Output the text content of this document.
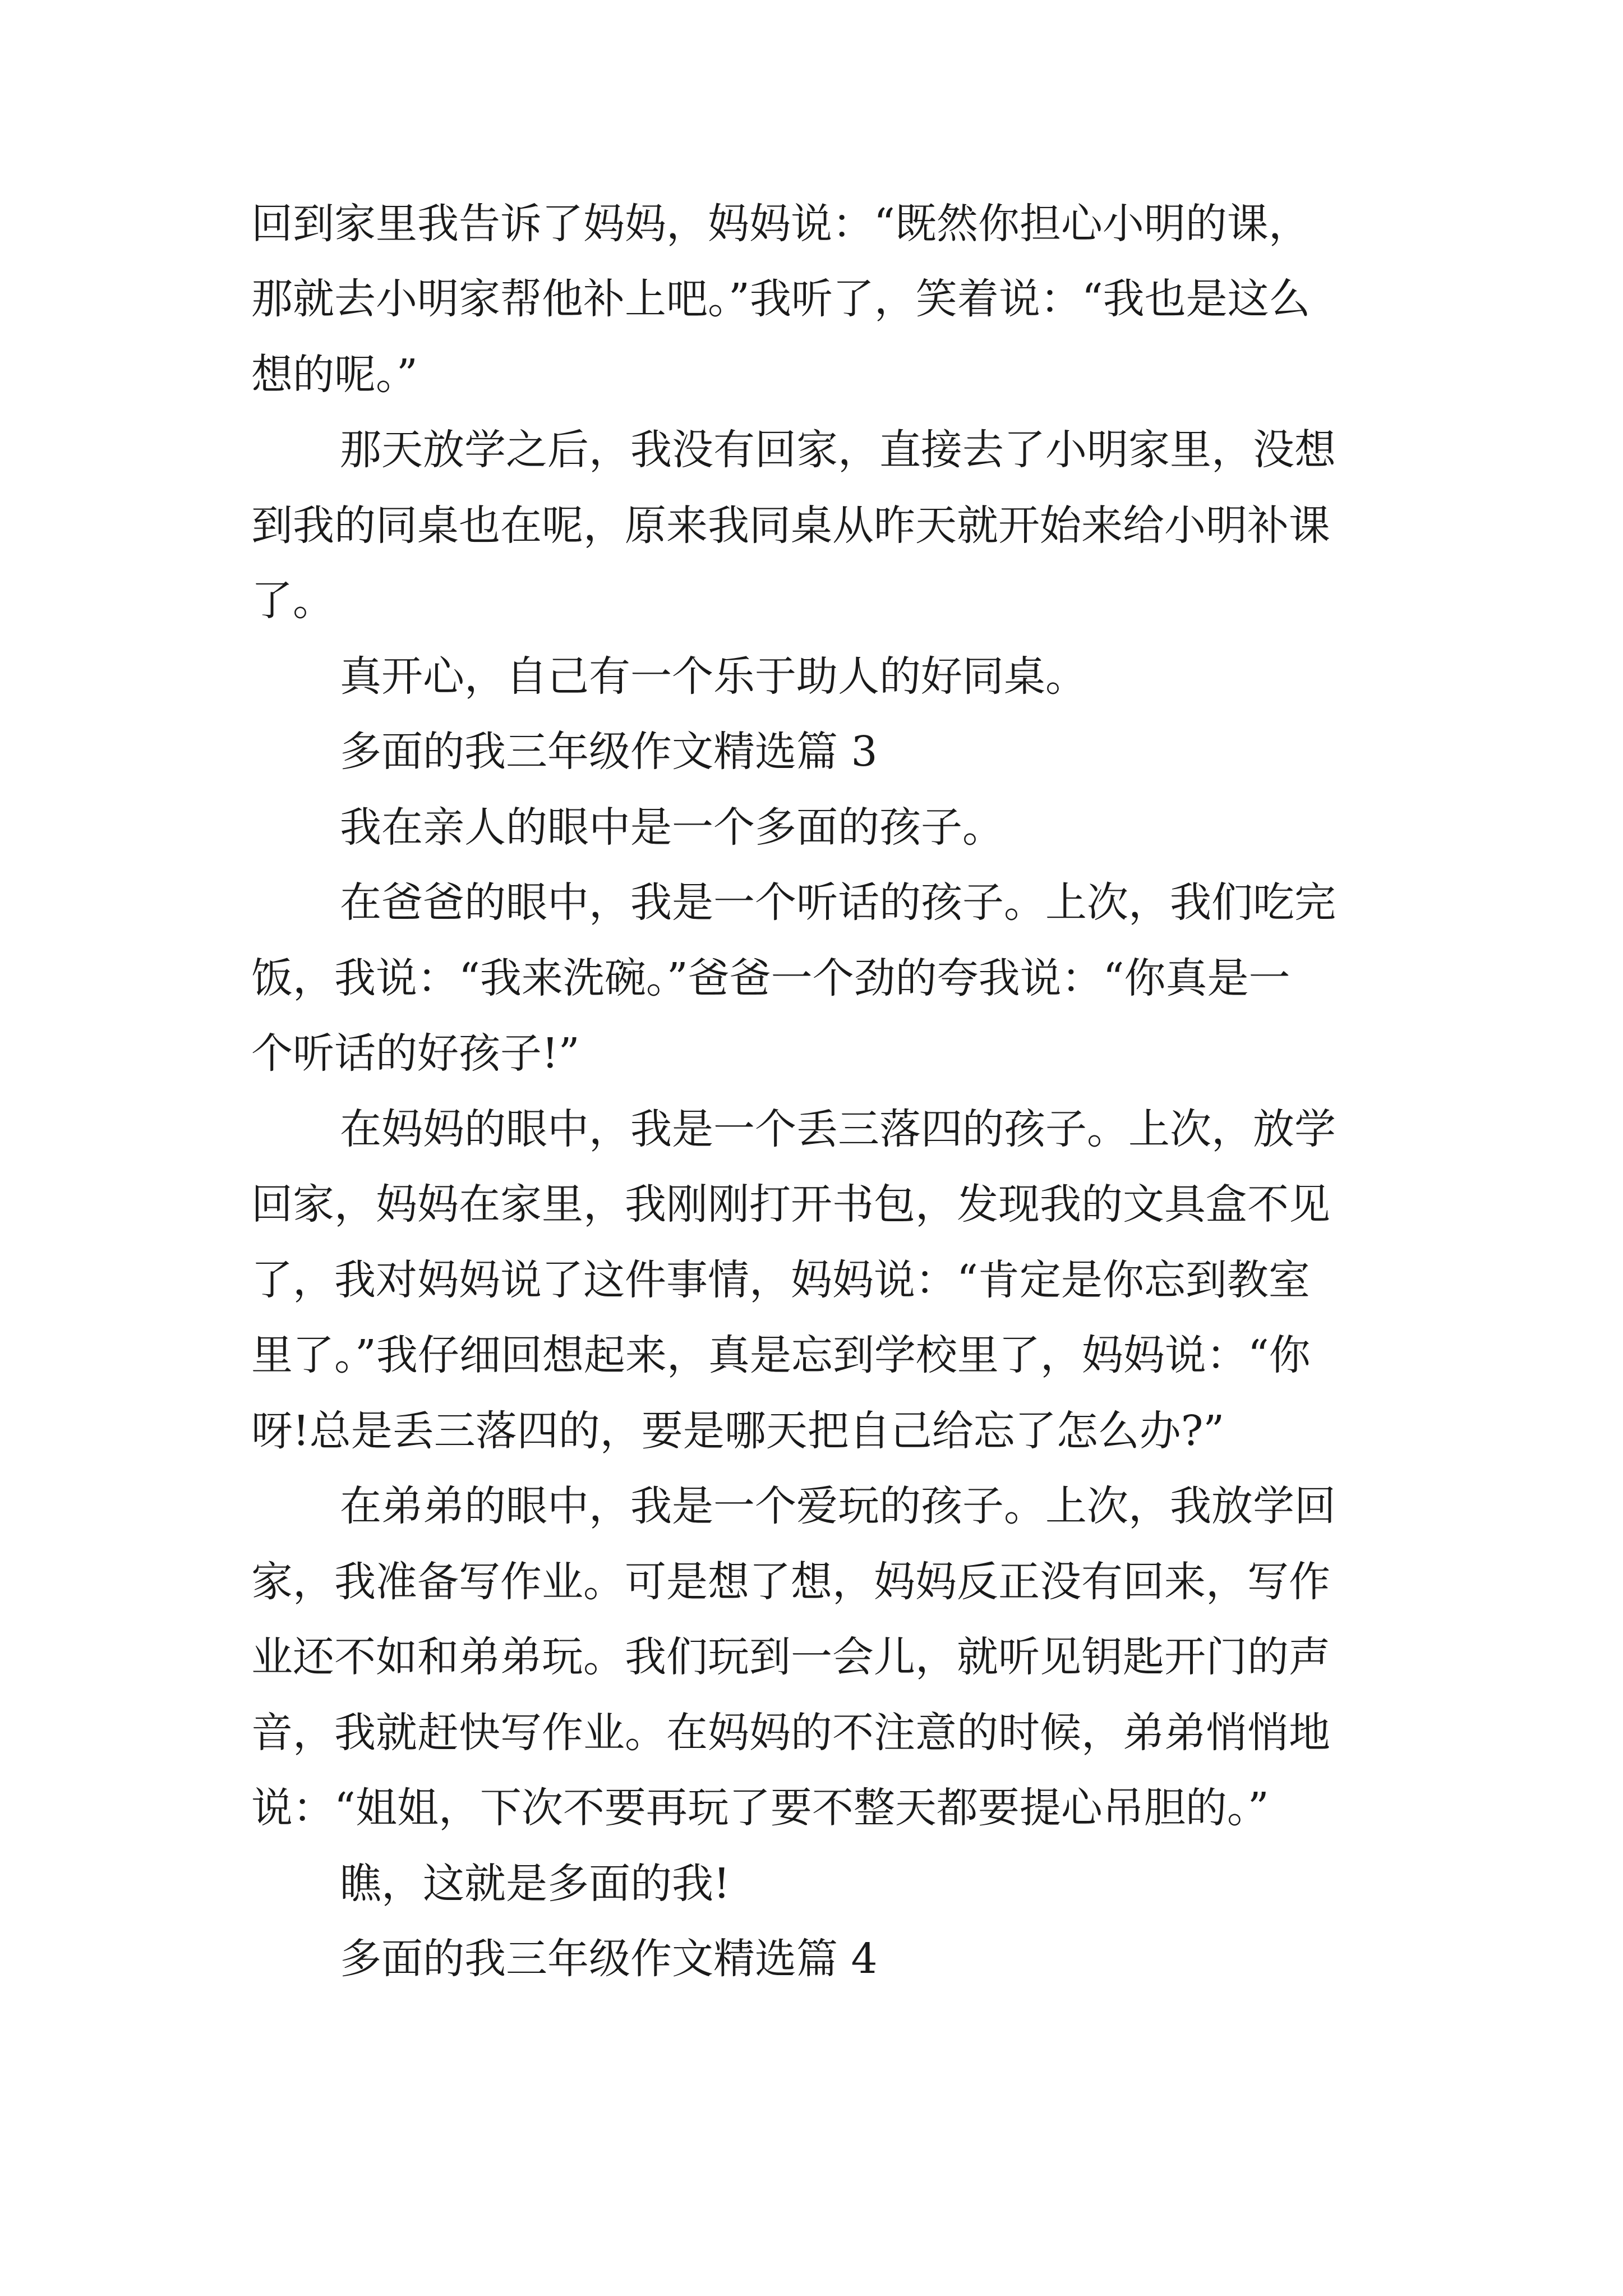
回到家里我告诉了妈妈，妈妈说：“既然你担心小明的课，
那就去小明家帮他补上吧。”我听了，笑着说：“我也是这么
想的呢。”
那天放学之后，我没有回家，直接去了小明家里，没想
到我的同桌也在呢，原来我同桌从昨天就开始来给小明补课
了。
真开心，自己有一个乐于助人的好同桌。
多面的我三年级作文精选篇 3
我在亲人的眼中是一个多面的孩子。
在爸爸的眼中，我是一个听话的孩子。上次，我们吃完
饭，我说：“我来洗碗。”爸爸一个劲的夸我说：“你真是一
个听话的好孩子!”
在妈妈的眼中，我是一个丢三落四的孩子。上次，放学
回家，妈妈在家里，我刚刚打开书包，发现我的文具盒不见
了，我对妈妈说了这件事情，妈妈说：“肯定是你忘到教室
里了。”我仔细回想起来，真是忘到学校里了，妈妈说：“你
呀!总是丢三落四的，要是哪天把自己给忘了怎么办?”
在弟弟的眼中，我是一个爱玩的孩子。上次，我放学回
家，我准备写作业。可是想了想，妈妈反正没有回来，写作
业还不如和弟弟玩。我们玩到一会儿，就听见钥匙开门的声
音，我就赶快写作业。在妈妈的不注意的时候，弟弟悄悄地
说：“姐姐，下次不要再玩了要不整天都要提心吊胆的。”
瞧，这就是多面的我!
多面的我三年级作文精选篇 4
